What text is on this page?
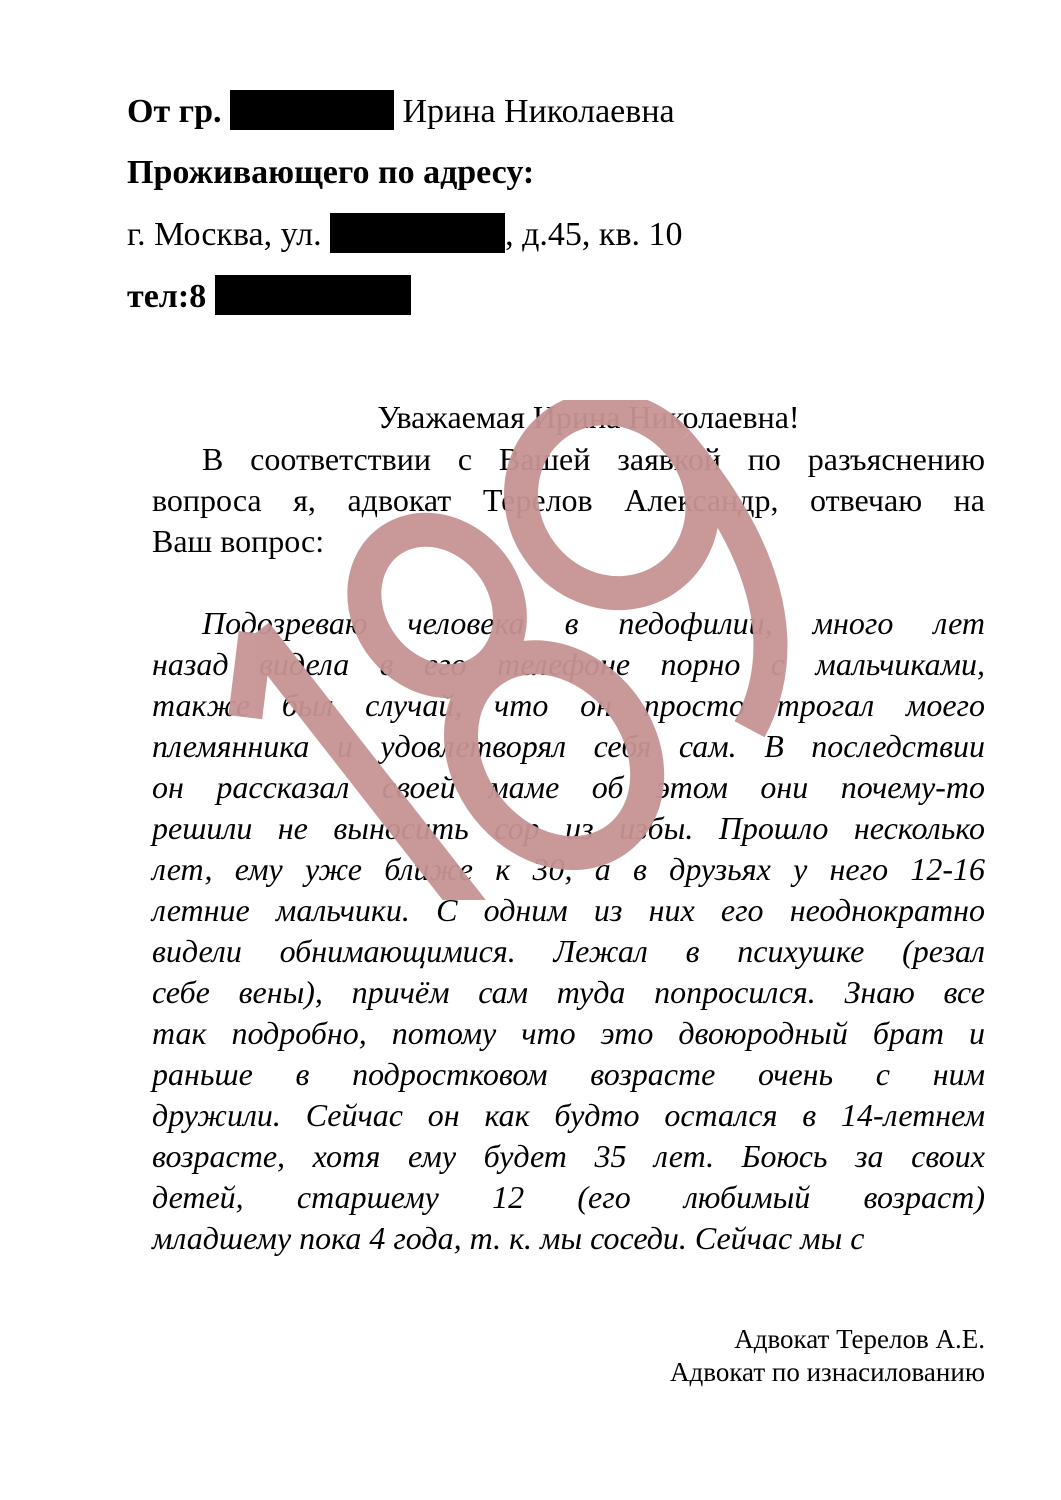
От гр.	Ирина Николаевна
Проживающего по адресу:
г. Москва, ул.	, д.45, кв. 10
тел:8
Уважаемая Ирина Николаевна!
В соответствии с Вашей заявкой по разъяснению
вопроса я, адвокат Терелов Александр, отвечаю на
Ваш вопрос:
Подозреваю человека в педофилии, много лет
назад видела в его телефоне порно с мальчиками,
также был случай, что он просто трогал моего
племянника и удовлетворял себя сам. В последствии
он рассказал своей маме об этом они почему-то
решили не выносить сор из избы. Прошло несколько
лет, ему уже ближе к 30, а в друзьях у него 12-16
летние мальчики. С одним из них его неоднократно
видели обнимающимися. Лежал в психушке (резал
себе вены), причём сам туда попросился. Знаю все
так подробно, потому что это двоюродный брат и
раньше в подростковом возрасте очень с ним
дружили. Сейчас он как будто остался в 14-летнем
возрасте, хотя ему будет 35 лет. Боюсь за своих
детей, старшему 12 (его любимый возраст)
младшему пока 4 года, т. к. мы соседи. Сейчас мы с
Адвокат Терелов А.Е.
Адвокат по изнасилованию
